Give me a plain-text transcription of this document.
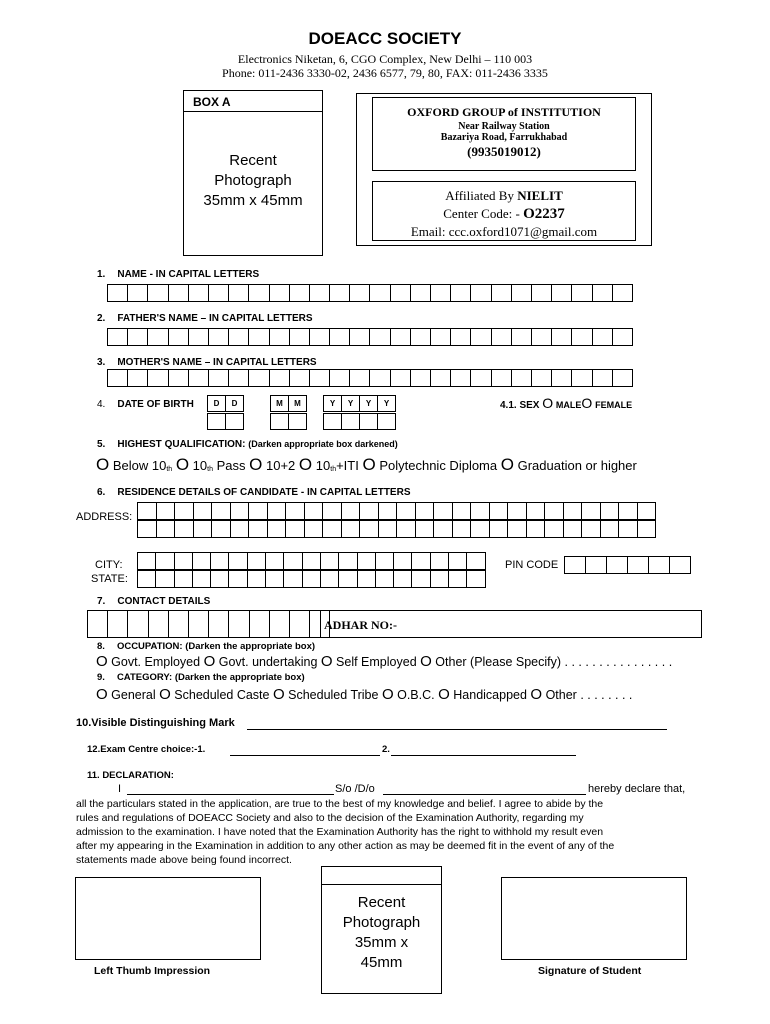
DOEACC SOCIETY
Electronics Niketan, 6, CGO Complex, New Delhi – 110 003
Phone: 011-2436 3330-02, 2436 6577, 79, 80, FAX: 011-2436 3335
BOX A
Recent
Photograph
35mm x 45mm
OXFORD GROUP of INSTITUTION
Near Railway Station
Bazariya Road, Farrukhabad
(9935019012)
Affiliated By NIELIT
Center Code: - O2237
Email: ccc.oxford1071@gmail.com
1. NAME - IN CAPITAL LETTERS
2. FATHER'S NAME – IN CAPITAL LETTERS
3. MOTHER'S NAME – IN CAPITAL LETTERS
4. DATE OF BIRTH	D	D	M	M	Y	Y	Y	Y	4.1. SEX O MALEO FEMALE
5. HIGHEST QUALIFICATION: (Darken appropriate box darkened)
O Below 10th O 10th Pass O 10+2 O 10th+ITI O Polytechnic Diploma O Graduation or higher
6. RESIDENCE DETAILS OF CANDIDATE - IN CAPITAL LETTERS
ADDRESS:
CITY:
STATE:
PIN CODE
7. CONTACT DETAILS
ADHAR NO:-
8. OCCUPATION: (Darken the appropriate box)
O Govt. Employed O Govt. undertaking O Self Employed O Other (Please Specify) . . . . . . . . . . . . . . . .
9. CATEGORY: (Darken the appropriate box)
O General O Scheduled Caste O Scheduled Tribe O O.B.C. O Handicapped O Other . . . . . . . .
10.Visible Distinguishing Mark
12.Exam Centre choice:-1.	2.
11. DECLARATION:
I	S/o /D/o	hereby declare that,
all the particulars stated in the application, are true to the best of my knowledge and belief. I agree to abide by the
rules and regulations of DOEACC Society and also to the decision of the Examination Authority, regarding my
admission to the examination. I have noted that the Examination Authority has the right to withhold my result even
after my appearing in the Examination in addition to any other action as may be deemed fit in the event of any of the
statements made above being found incorrect.
Left Thumb Impression
Recent
Photograph
35mm x
45mm	Signature of Student
